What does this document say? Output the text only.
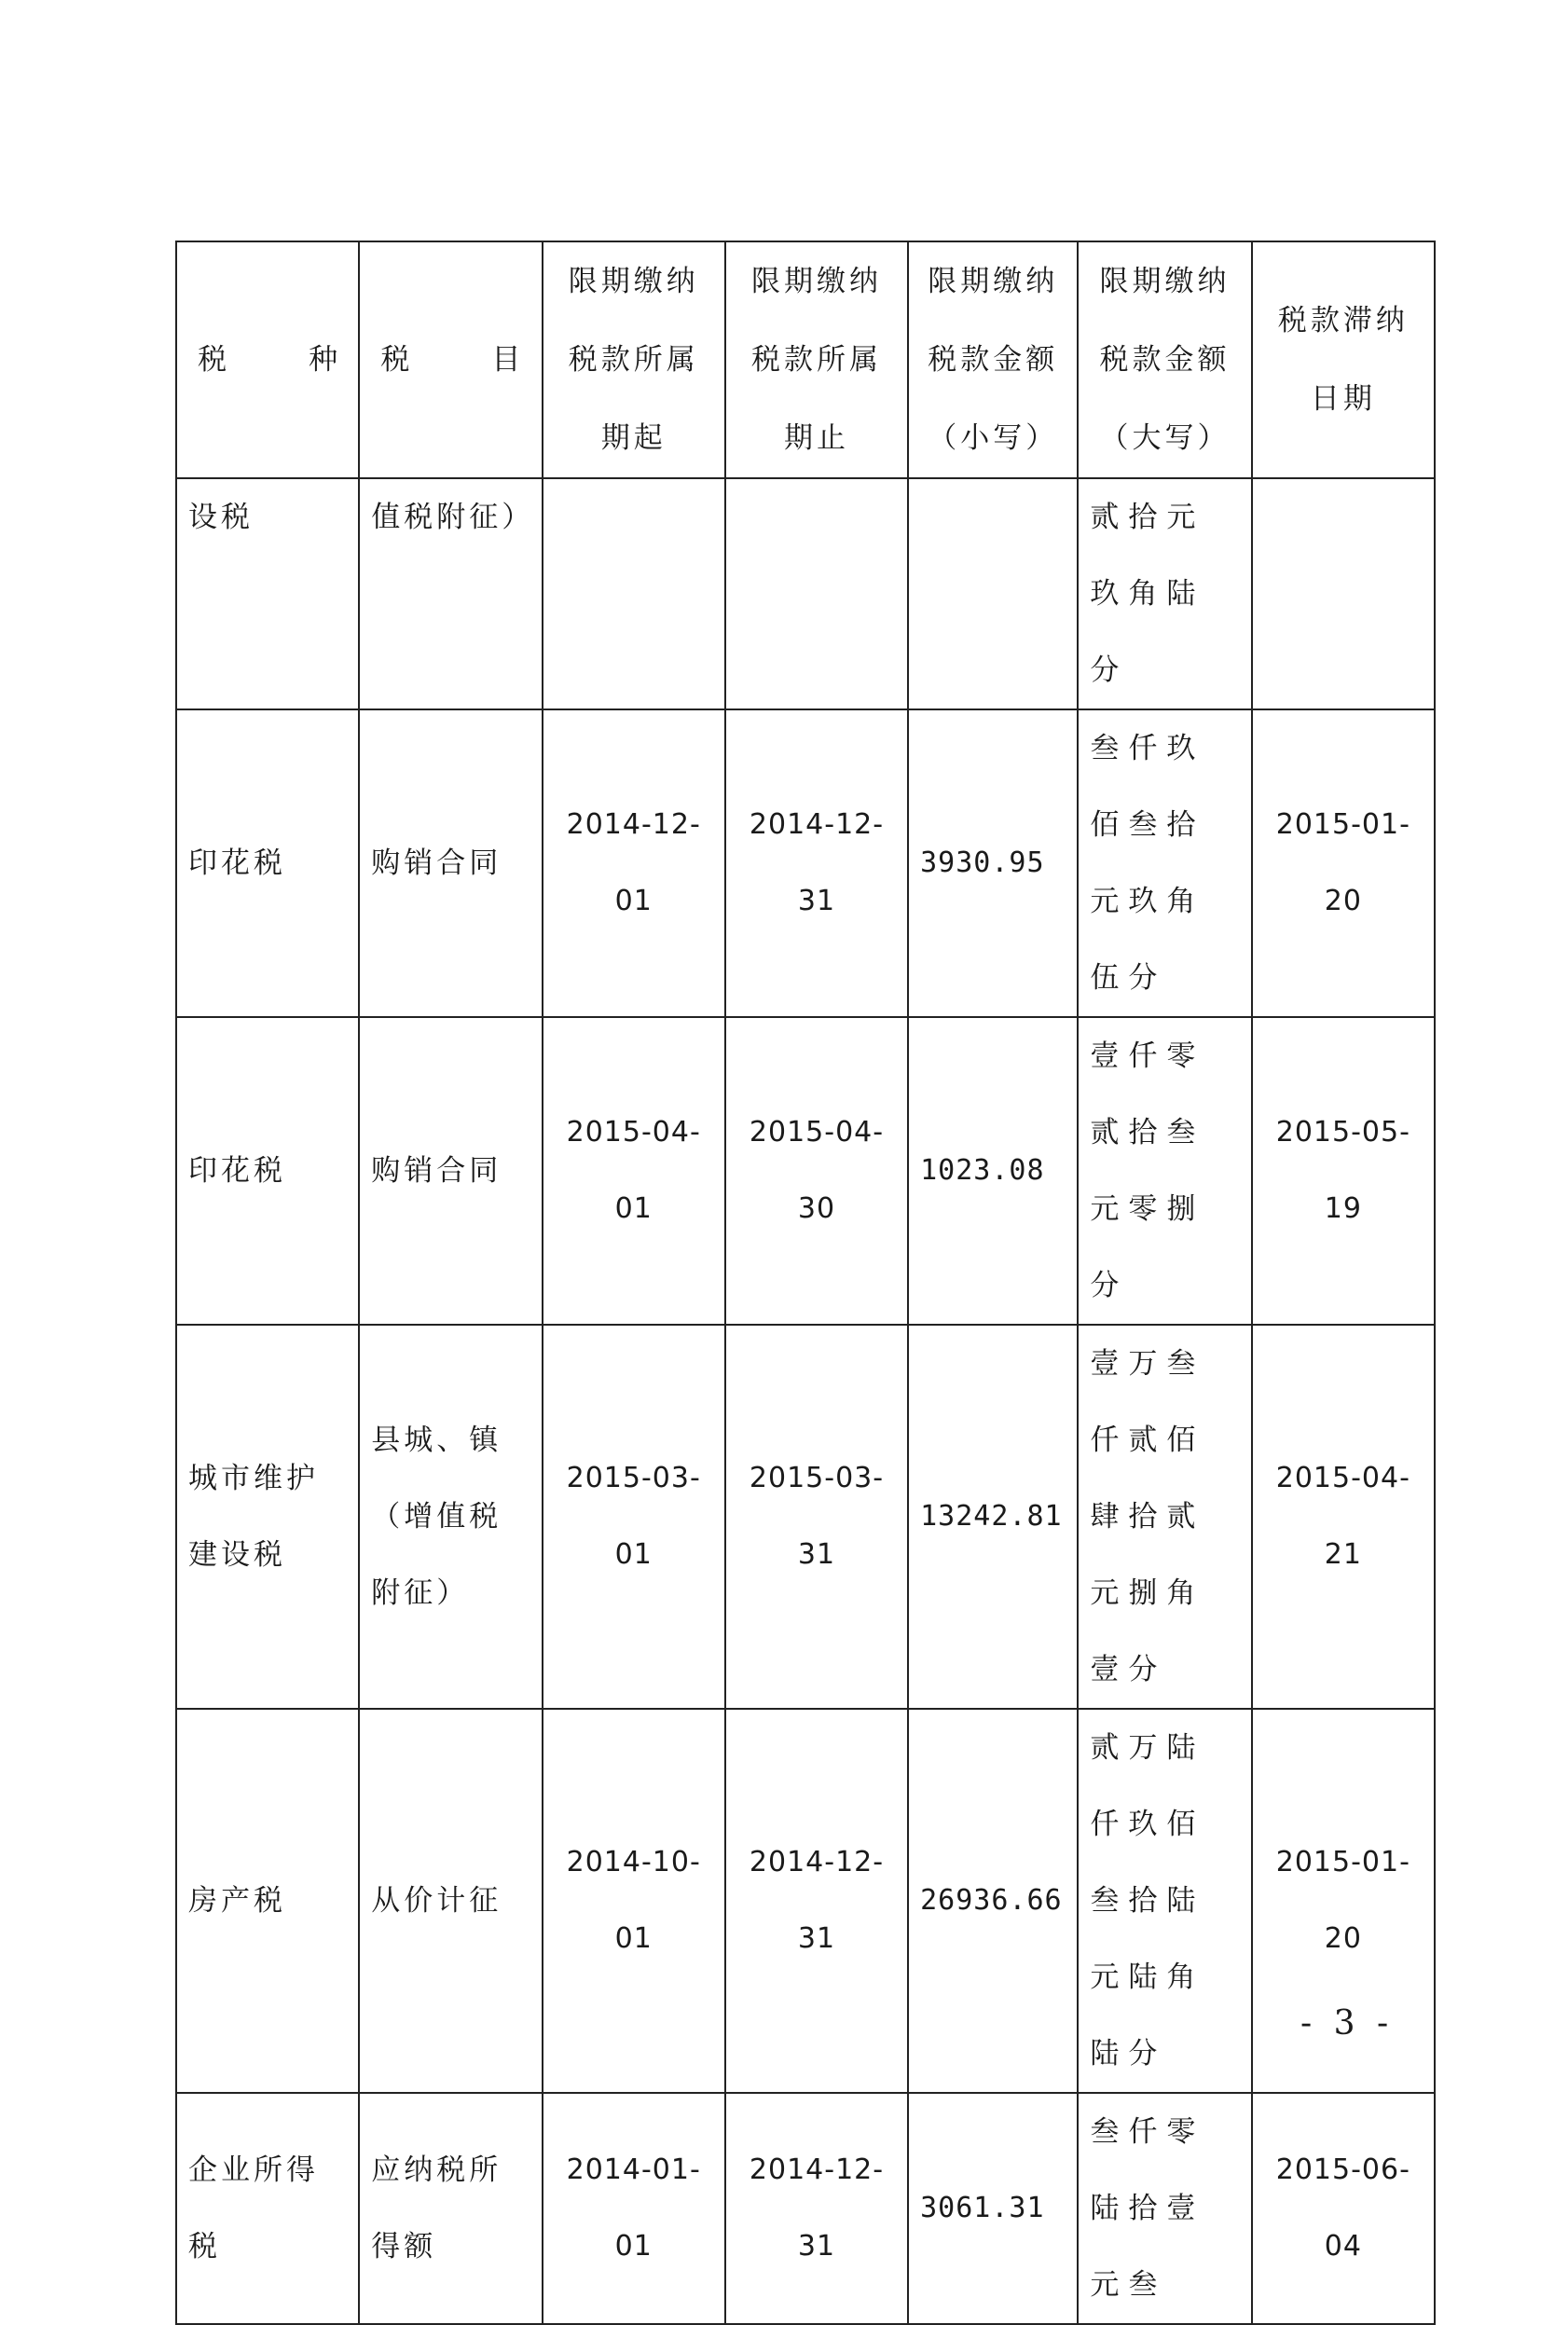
税 种	税 目	限期缴纳税款所属期起	限期缴纳税款所属期止	限期缴纳税款金额（小写）	限期缴纳税款金额（大写）	税款滞纳日期
设税	值税附征）				贰拾元玖角陆分	
印花税	购销合同	2014-12-01	2014-12-31	3930.95	叁仟玖佰叁拾元玖角伍分	2015-01-20
印花税	购销合同	2015-04-01	2015-04-30	1023.08	壹仟零贰拾叁元零捌分	2015-05-19
城市维护建设税	县城、镇（增值税附征）	2015-03-01	2015-03-31	13242.81	壹万叁仟贰佰肆拾贰元捌角壹分	2015-04-21
房产税	从价计征	2014-10-01	2014-12-31	26936.66	贰万陆仟玖佰叁拾陆元陆角陆分	2015-01-20
企业所得税	应纳税所得额	2014-01-01	2014-12-31	3061.31	叁仟零陆拾壹元叁	2015-06-04
- 3 -
